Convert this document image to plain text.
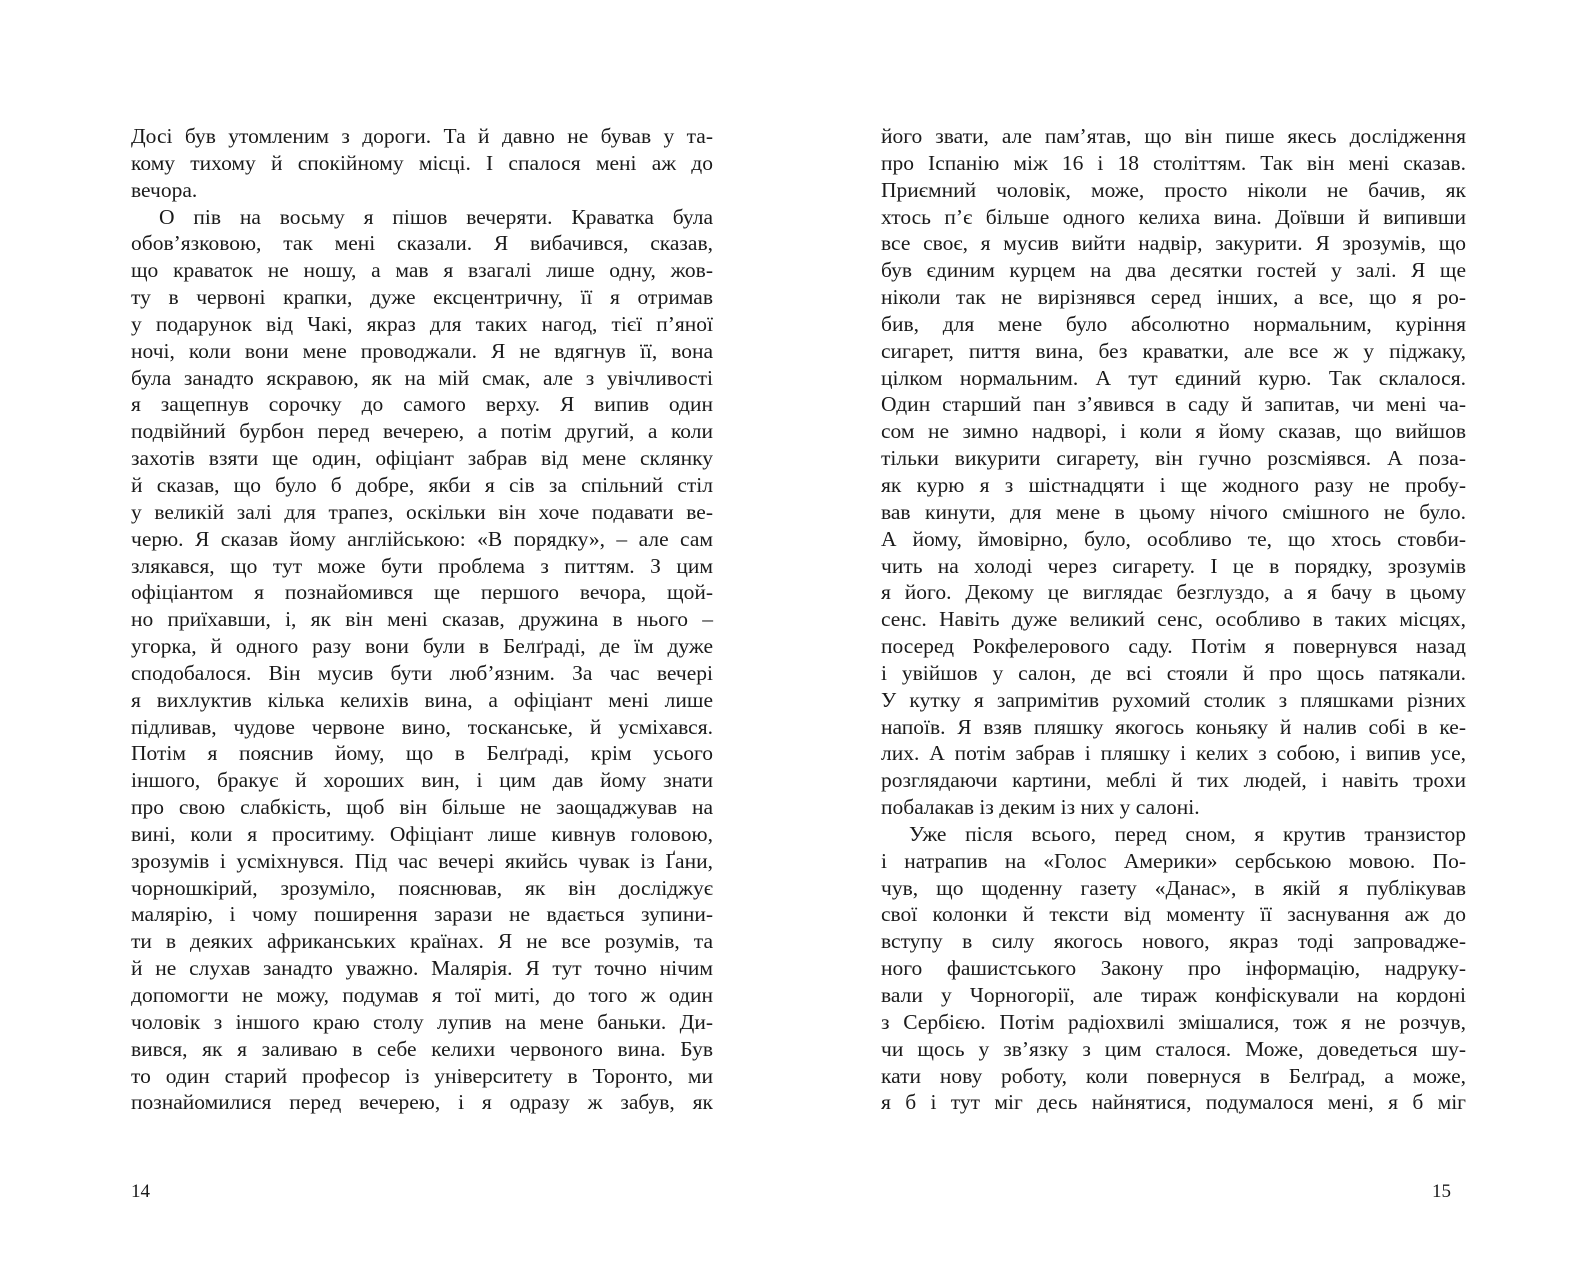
Досі був утомленим з дороги. Та й давно не бував у та-
кому тихому й спокійному місці. І спалося мені аж до
вечора.
О пів на восьму я пішов вечеряти. Краватка була
обов’язковою, так мені сказали. Я вибачився, сказав,
що краваток не ношу, а мав я взагалі лише одну, жов-
ту в червоні крапки, дуже ексцентричну, її я отримав
у подарунок від Чакі, якраз для таких нагод, тієї п’яної
ночі, коли вони мене проводжали. Я не вдягнув її, вона
була занадто яскравою, як на мій смак, але з увічливості
я защепнув сорочку до самого верху. Я випив один
подвійний бурбон перед вечерею, а потім другий, а коли
захотів взяти ще один, офіціант забрав від мене склянку
й сказав, що було б добре, якби я сів за спільний стіл
у великій залі для трапез, оскільки він хоче подавати ве-
черю. Я сказав йому англійською: «В порядку», – але сам
злякався, що тут може бути проблема з питтям. З цим
офіціантом я познайомився ще першого вечора, щой-
но приїхавши, і, як він мені сказав, дружина в нього –
угорка, й одного разу вони були в Белґраді, де їм дуже
сподобалося. Він мусив бути люб’язним. За час вечері
я вихлуктив кілька келихів вина, а офіціант мені лише
підливав, чудове червоне вино, тосканське, й усміхався.
Потім я пояснив йому, що в Белґраді, крім усього
іншого, бракує й хороших вин, і цим дав йому знати
про свою слабкість, щоб він більше не заощаджував на
вині, коли я проситиму. Офіціант лише кивнув головою,
зрозумів і усміхнувся. Під час вечері якийсь чувак із Ґани,
чорношкірий, зрозуміло, пояснював, як він досліджує
малярію, і чому поширення зарази не вдається зупини-
ти в деяких африканських країнах. Я не все розумів, та
й не слухав занадто уважно. Малярія. Я тут точно нічим
допомогти не можу, подумав я тої миті, до того ж один
чоловік з іншого краю столу лупив на мене баньки. Ди-
вився, як я заливаю в себе келихи червоного вина. Був
то один старий професор із університету в Торонто, ми
познайомилися перед вечерею, і я одразу ж забув, як
його звати, але пам’ятав, що він пише якесь дослідження
про Іспанію між 16 і 18 століттям. Так він мені сказав.
Приємний чоловік, може, просто ніколи не бачив, як
хтось п’є більше одного келиха вина. Доївши й випивши
все своє, я мусив вийти надвір, закурити. Я зрозумів, що
був єдиним курцем на два десятки гостей у залі. Я ще
ніколи так не вирізнявся серед інших, а все, що я ро-
бив, для мене було абсолютно нормальним, куріння
сигарет, пиття вина, без краватки, але все ж у піджаку,
цілком нормальним. А тут єдиний курю. Так склалося.
Один старший пан з’явився в саду й запитав, чи мені ча-
сом не зимно надворі, і коли я йому сказав, що вийшов
тільки викурити сигарету, він гучно розсміявся. А поза-
як курю я з шістнадцяти і ще жодного разу не пробу-
вав кинути, для мене в цьому нічого смішного не було.
А йому, ймовірно, було, особливо те, що хтось стовби-
чить на холоді через сигарету. І це в порядку, зрозумів
я його. Декому це виглядає безглуздо, а я бачу в цьому
сенс. Навіть дуже великий сенс, особливо в таких місцях,
посеред Рокфелерового саду. Потім я повернувся назад
і увійшов у салон, де всі стояли й про щось патякали.
У кутку я запримітив рухомий столик з пляшками різних
напоїв. Я взяв пляшку якогось коньяку й налив собі в ке-
лих. А потім забрав і пляшку і келих з собою, і випив усе,
розглядаючи картини, меблі й тих людей, і навіть трохи
побалакав із деким із них у салоні.
Уже після всього, перед сном, я крутив транзистор
і натрапив на «Голос Америки» сербською мовою. По-
чув, що щоденну газету «Данас», в якій я публікував
свої колонки й тексти від моменту її заснування аж до
вступу в силу якогось нового, якраз тоді запроваджe-
ного фашистського Закону про інформацію, надруку-
вали у Чорногорії, але тираж конфіскували на кордоні
з Сербією. Потім радіохвилі змішалися, тож я не розчув,
чи щось у зв’язку з цим сталося. Може, доведеться шу-
кати нову роботу, коли повернуся в Белґрад, а може,
я б і тут міг десь найнятися, подумалося мені, я б міг
14	15
